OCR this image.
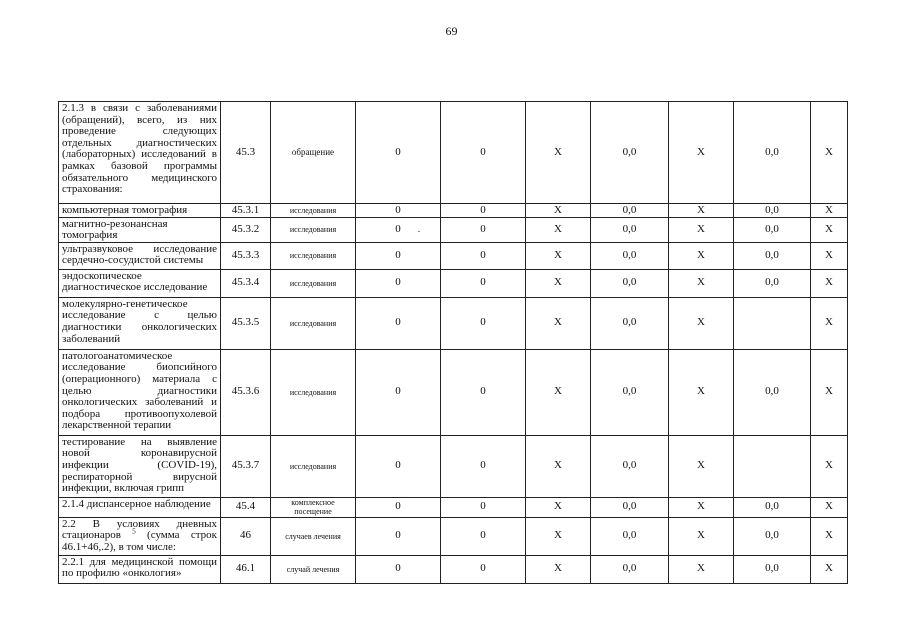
69
2.1.3 в связи с заболеваниями (обращений), всего, из них проведение следующих отдельных диагностических (лабораторных) исследований в рамках базовой программы обязательного медицинского страхования:	45.3	обращение	0	0	X	0,0	X	0,0	X
компьютерная томография	45.3.1	исследования	0	0	X	0,0	X	0,0	X
магнитно-резонансная томография	45.3.2	исследования	0	0	X	0,0	X	0,0	X
ультразвуковое исследование сердечно-сосудистой системы	45.3.3	исследования	0	0	X	0,0	X	0,0	X
эндоскопическое диагностическое исследование	45.3.4	исследования	0	0	X	0,0	X	0,0	X
молекулярно-генетическое исследование с целью диагностики онкологических заболеваний	45.3.5	исследования	0	0	X	0,0	X		X
патологоанатомическое исследование биопсийного (операционного) материала с целью диагностики онкологических заболеваний и подбора противоопухолевой лекарственной терапии	45.3.6	исследования	0	0	X	0,0	X	0,0	X
тестирование на выявление новой коронавирусной инфекции (COVID-19), респираторной вирусной инфекции, включая грипп	45.3.7	исследования	0	0	X	0,0	X		X
2.1.4 диспансерное наблюдение	45.4	комплексное посещение	0	0	X	0,0	X	0,0	X
2.2 В условиях дневных стационаров $^5$ (сумма строк 46.1+46,.2), в том числе:	46	случаев лечения	0	0	X	0,0	X	0,0	X
2.2.1 для медицинской помощи по профилю «онкология»	46.1	случай лечения	0	0	X	0,0	X	0,0	X
